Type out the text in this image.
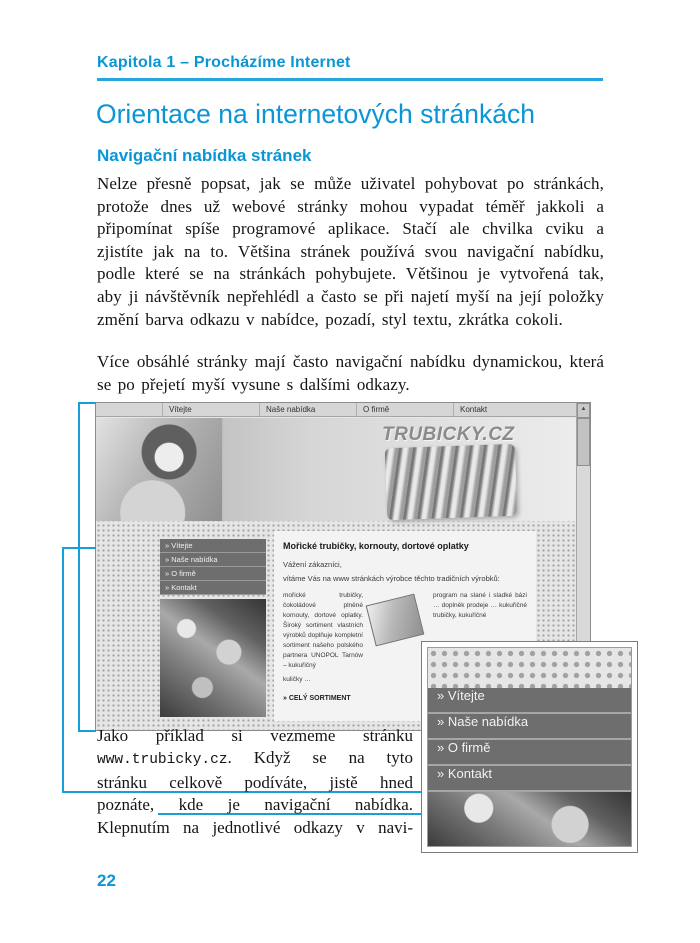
Kapitola 1 – Procházíme Internet
Orientace na internetových stránkách
Navigační nabídka stránek

Nelze přesně popsat, jak se může uživatel pohybovat po stránkách, protože dnes už webové stránky mohou vypadat téměř jakkoli a připomínat spíše programové aplikace. Stačí ale chvilka cviku a zjistíte jak na to. Většina stránek používá svou navigační nabídku, podle které se na stránkách pohybujete. Většinou je vytvořená tak, aby ji návštěvník nepřehlédl a často se při najetí myší na její položky změní barva odkazu v nabídce, pozadí, styl textu, zkrátka cokoli.

Více obsáhlé stránky mají často navigační nabídku dynamickou, která se po přejetí myší vysune s dalšími odkazy.

Vítejte	Naše nabídka	O firmě	Kontakt
TRUBICKY.CZ
» Vítejte
» Naše nabídka
» O firmě
» Kontakt
Mořické trubičky, kornouty, dortové oplatky
Vážení zákazníci,
vítáme Vás na www stránkách výrobce těchto tradičních výrobků:
mořické trubičky, čokoládové plněné kornouty, dortové oplatky. Široký sortiment vlastních výrobků doplňuje kompletní sortiment našeho polského partnera UNOPOL Tarnów – kukuřičný
program na slané i sladké bázi … doplněk prodeje … kukuřičné trubičky, kukuřičné
kuličky …
» CELÝ SORTIMENT
▲
» Vítejte
» Naše nabídka
» O firmě
» Kontakt
Jako příklad si vezmeme stránku
www.trubicky.cz. Když se na tyto
stránku celkově podíváte, jistě hned
poznáte, kde je navigační nabídka.
Klepnutím na jednotlivé odkazy v navi-
22
